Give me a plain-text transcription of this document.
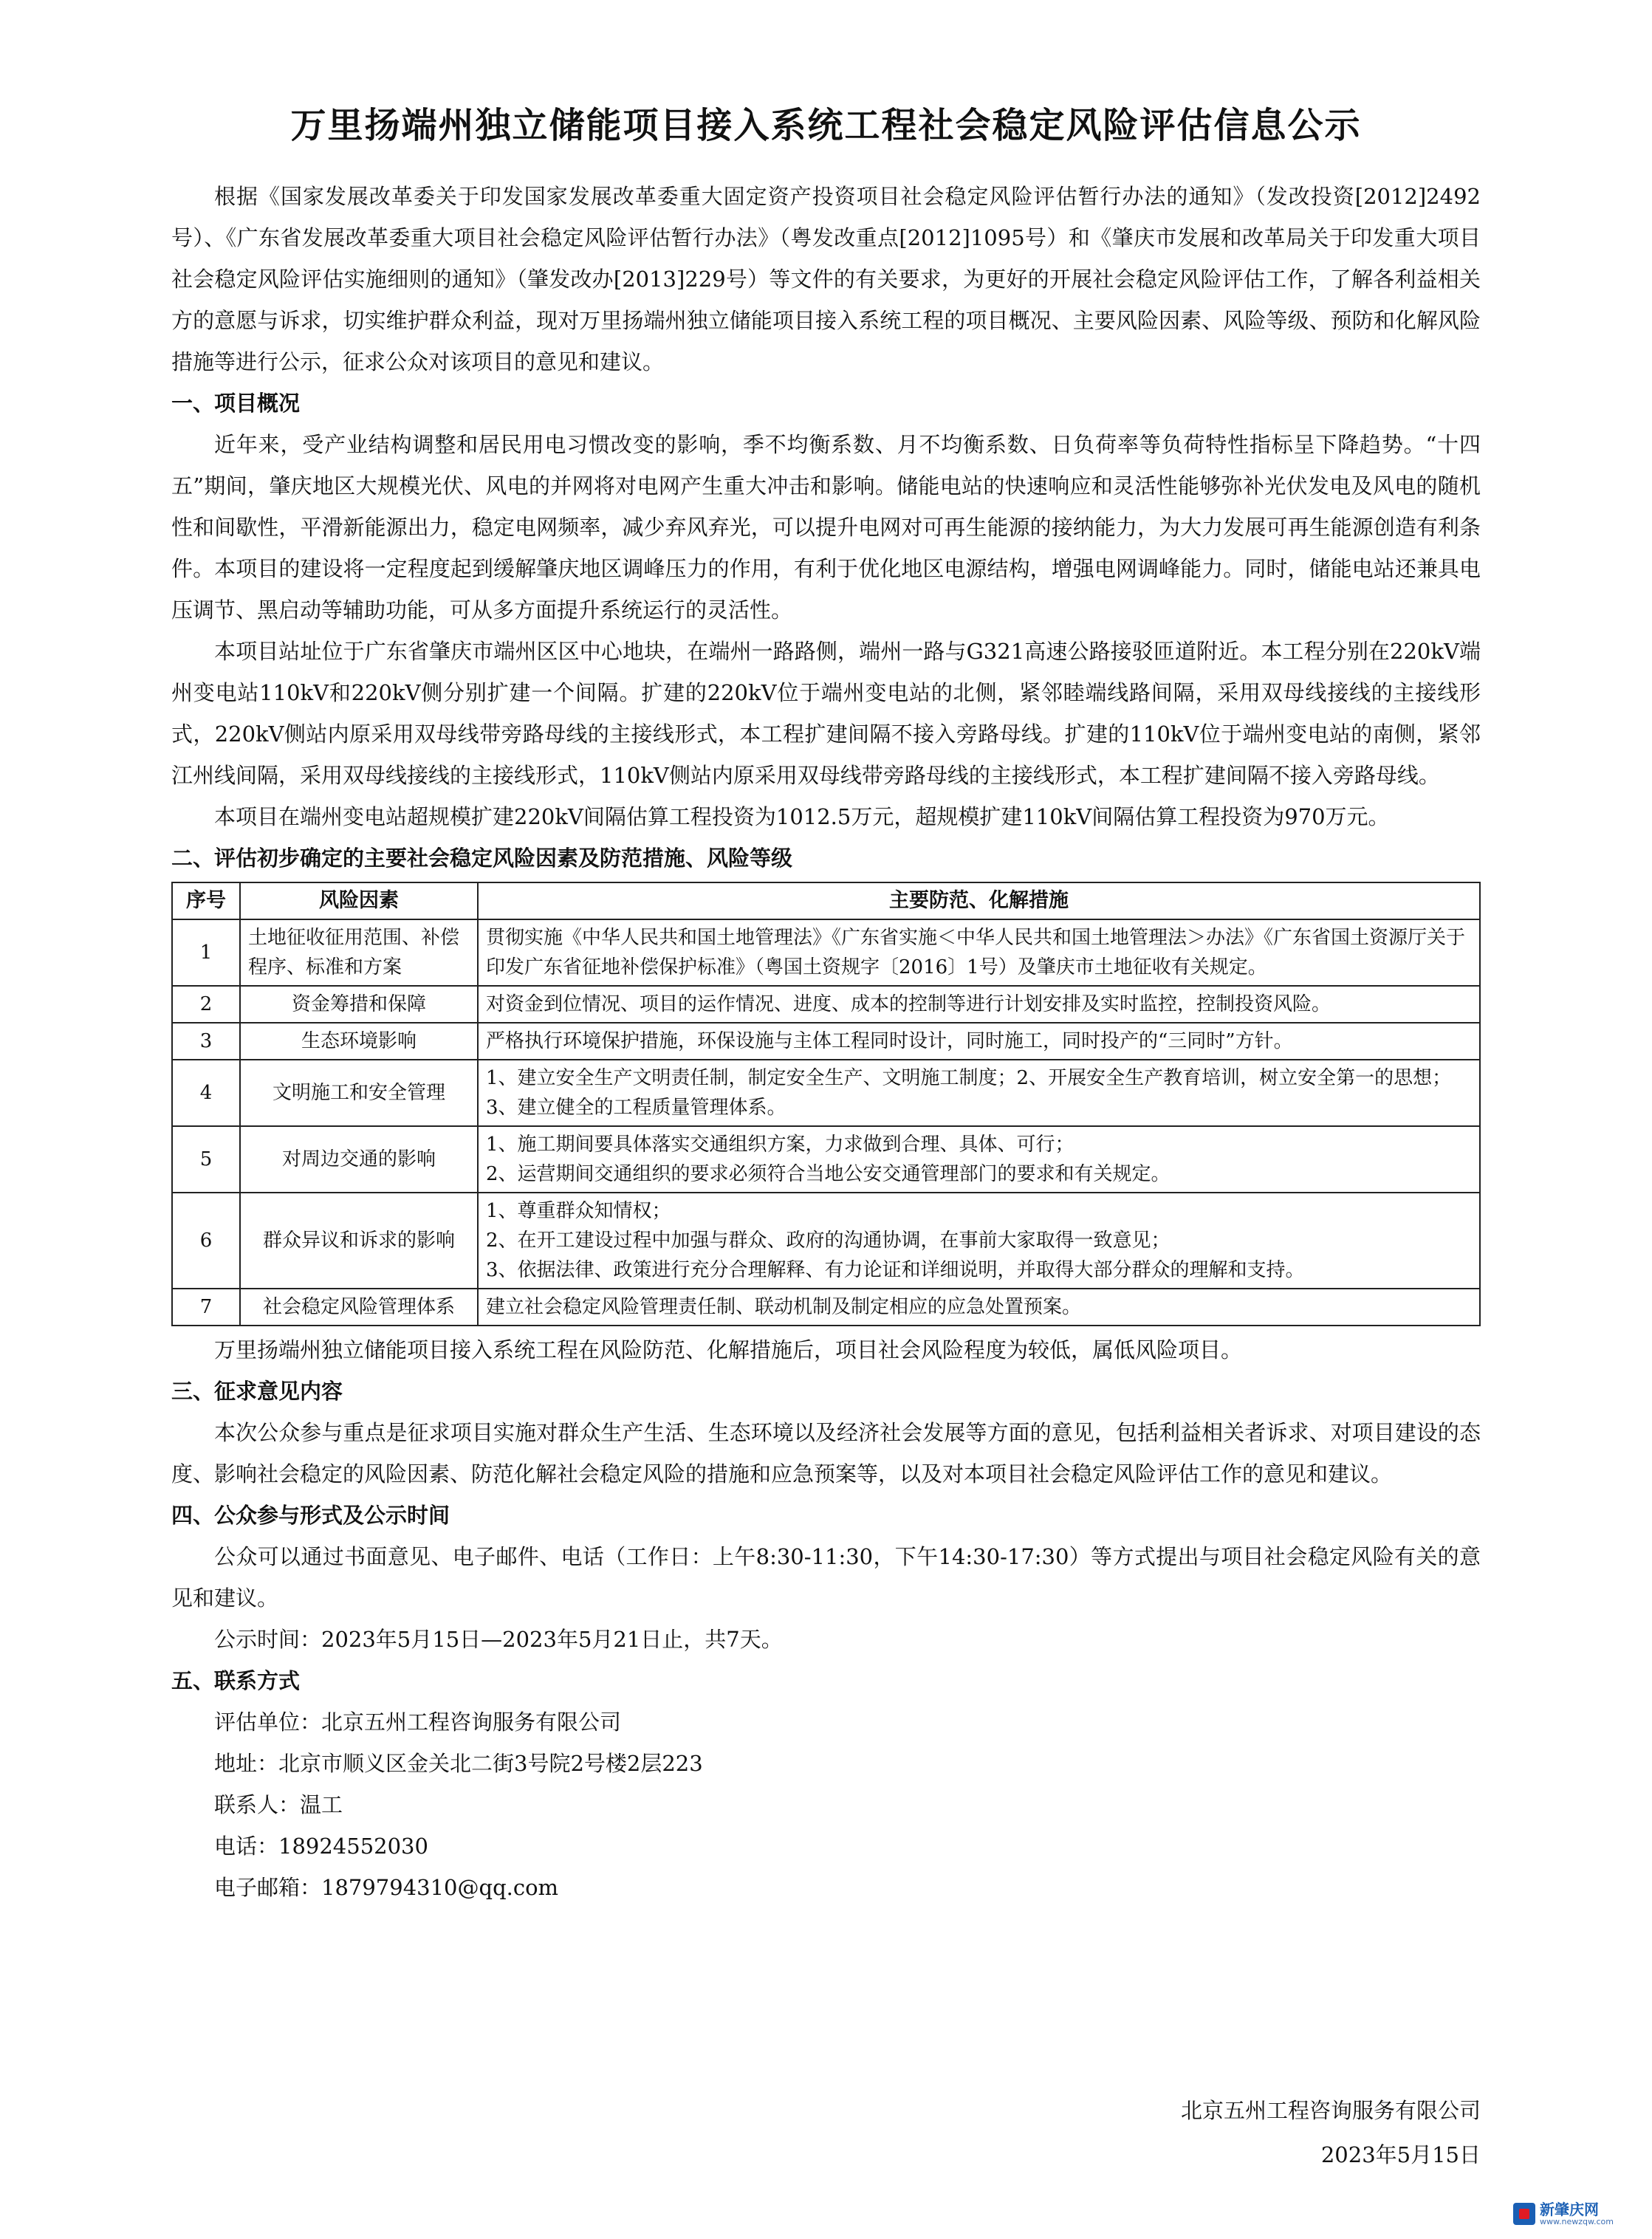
万里扬端州独立储能项目接入系统工程社会稳定风险评估信息公示

根据《国家发展改革委关于印发国家发展改革委重大固定资产投资项目社会稳定风险评估暂行办法的通知》（发改投资[2012]2492号）、《广东省发展改革委重大项目社会稳定风险评估暂行办法》（粤发改重点[2012]1095号）和《肇庆市发展和改革局关于印发重大项目社会稳定风险评估实施细则的通知》（肇发改办[2013]229号）等文件的有关要求，为更好的开展社会稳定风险评估工作，了解各利益相关方的意愿与诉求，切实维护群众利益，现对万里扬端州独立储能项目接入系统工程的项目概况、主要风险因素、风险等级、预防和化解风险措施等进行公示，征求公众对该项目的意见和建议。

一、项目概况

近年来，受产业结构调整和居民用电习惯改变的影响，季不均衡系数、月不均衡系数、日负荷率等负荷特性指标呈下降趋势。“十四五”期间，肇庆地区大规模光伏、风电的并网将对电网产生重大冲击和影响。储能电站的快速响应和灵活性能够弥补光伏发电及风电的随机性和间歇性，平滑新能源出力，稳定电网频率，减少弃风弃光，可以提升电网对可再生能源的接纳能力，为大力发展可再生能源创造有利条件。本项目的建设将一定程度起到缓解肇庆地区调峰压力的作用，有利于优化地区电源结构，增强电网调峰能力。同时，储能电站还兼具电压调节、黑启动等辅助功能，可从多方面提升系统运行的灵活性。

本项目站址位于广东省肇庆市端州区区中心地块，在端州一路路侧，端州一路与G321高速公路接驳匝道附近。本工程分别在220kV端州变电站110kV和220kV侧分别扩建一个间隔。扩建的220kV位于端州变电站的北侧，紧邻睦端线路间隔，采用双母线接线的主接线形式，220kV侧站内原采用双母线带旁路母线的主接线形式，本工程扩建间隔不接入旁路母线。扩建的110kV位于端州变电站的南侧，紧邻江州线间隔，采用双母线接线的主接线形式，110kV侧站内原采用双母线带旁路母线的主接线形式，本工程扩建间隔不接入旁路母线。

本项目在端州变电站超规模扩建220kV间隔估算工程投资为1012.5万元，超规模扩建110kV间隔估算工程投资为970万元。

二、评估初步确定的主要社会稳定风险因素及防范措施、风险等级

序号	风险因素	主要防范、化解措施
1	土地征收征用范围、补偿程序、标准和方案	贯彻实施《中华人民共和国土地管理法》《广东省实施＜中华人民共和国土地管理法＞办法》《广东省国土资源厅关于印发广东省征地补偿保护标准》（粤国土资规字〔2016〕1号）及肇庆市土地征收有关规定。

2	资金筹措和保障	对资金到位情况、项目的运作情况、进度、成本的控制等进行计划安排及实时监控，控制投资风险。

3	生态环境影响	严格执行环境保护措施，环保设施与主体工程同时设计，同时施工，同时投产的“三同时”方针。

4	文明施工和安全管理	1、建立安全生产文明责任制，制定安全生产、文明施工制度；2、开展安全生产教育培训，树立安全第一的思想；3、建立健全的工程质量管理体系。

5	对周边交通的影响	1、施工期间要具体落实交通组织方案，力求做到合理、具体、可行；
2、运营期间交通组织的要求必须符合当地公安交通管理部门的要求和有关规定。

6	群众异议和诉求的影响	1、尊重群众知情权；
2、在开工建设过程中加强与群众、政府的沟通协调，在事前大家取得一致意见；
3、依据法律、政策进行充分合理解释、有力论证和详细说明，并取得大部分群众的理解和支持。

7	社会稳定风险管理体系	建立社会稳定风险管理责任制、联动机制及制定相应的应急处置预案。

万里扬端州独立储能项目接入系统工程在风险防范、化解措施后，项目社会风险程度为较低，属低风险项目。

三、征求意见内容

本次公众参与重点是征求项目实施对群众生产生活、生态环境以及经济社会发展等方面的意见，包括利益相关者诉求、对项目建设的态度、影响社会稳定的风险因素、防范化解社会稳定风险的措施和应急预案等，以及对本项目社会稳定风险评估工作的意见和建议。

四、公众参与形式及公示时间

公众可以通过书面意见、电子邮件、电话（工作日：上午8:30-11:30，下午14:30-17:30）等方式提出与项目社会稳定风险有关的意见和建议。

公示时间：2023年5月15日—2023年5月21日止，共7天。

五、联系方式

评估单位：北京五州工程咨询服务有限公司

地址：北京市顺义区金关北二街3号院2号楼2层223

联系人：温工

电话：18924552030

电子邮箱：1879794310@qq.com

北京五州工程咨询服务有限公司
2023年5月15日
新肇庆网
www.newzqw.com
